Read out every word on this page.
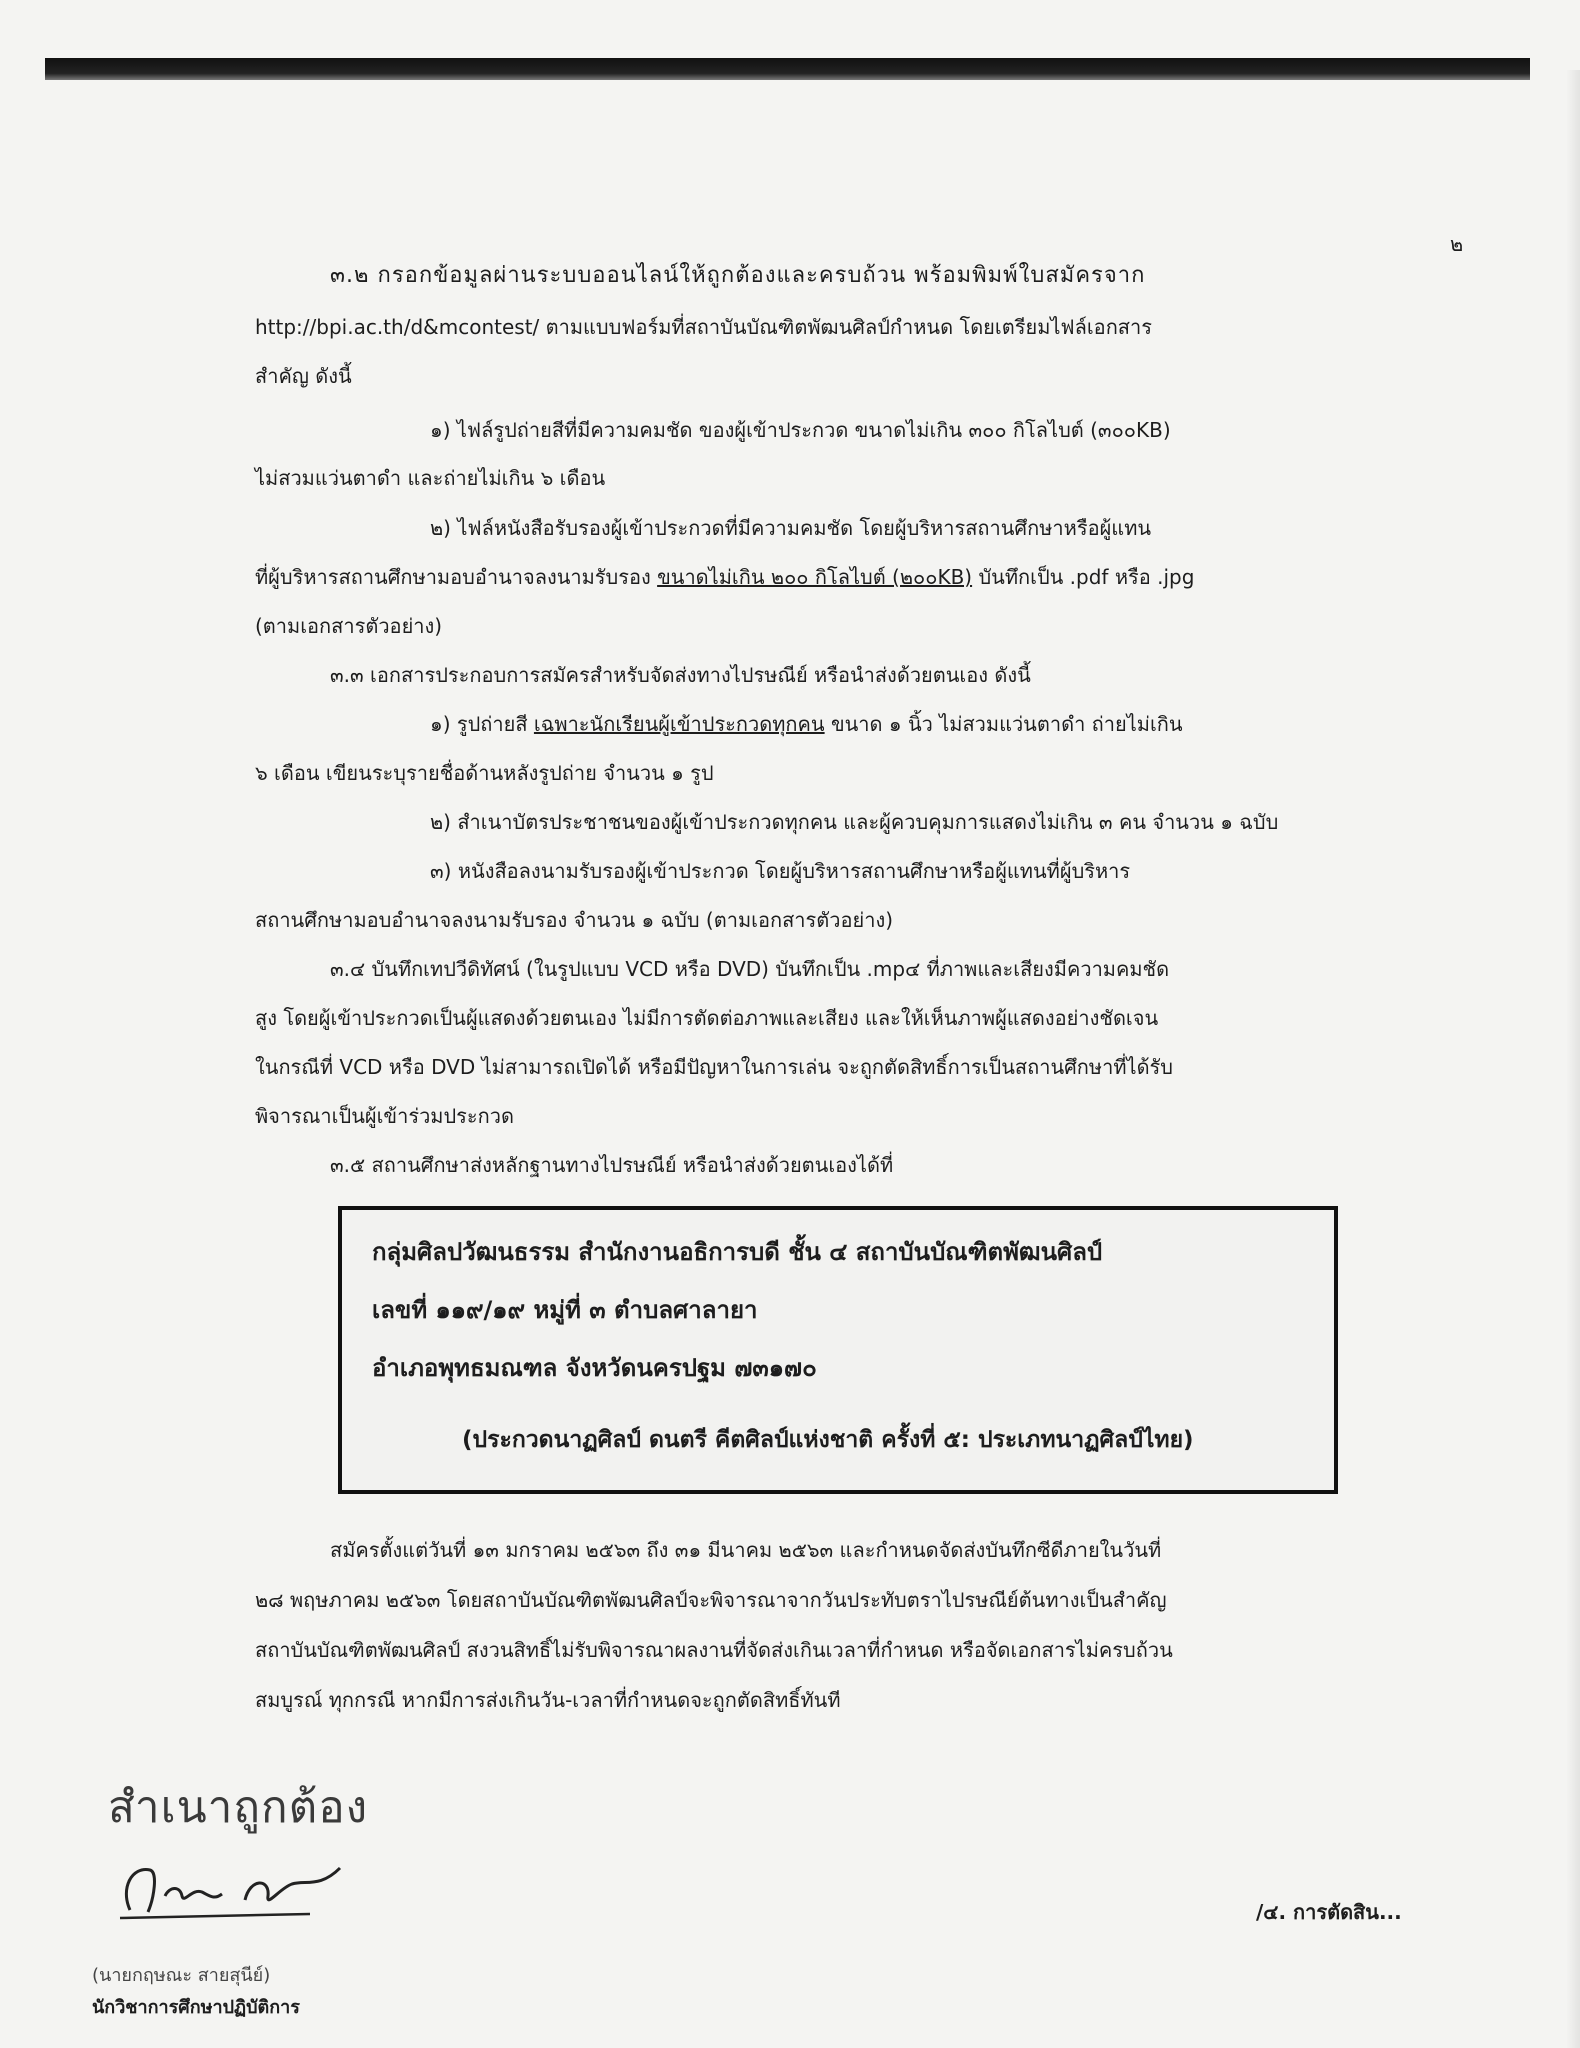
๒
๓.๒ กรอกข้อมูลผ่านระบบออนไลน์ให้ถูกต้องและครบถ้วน พร้อมพิมพ์ใบสมัครจาก
http://bpi.ac.th/d&mcontest/ ตามแบบฟอร์มที่สถาบันบัณฑิตพัฒนศิลป์กำหนด โดยเตรียมไฟล์เอกสาร
สำคัญ ดังนี้
๑) ไฟล์รูปถ่ายสีที่มีความคมชัด ของผู้เข้าประกวด ขนาดไม่เกิน ๓๐๐ กิโลไบต์ (๓๐๐KB)
ไม่สวมแว่นตาดำ และถ่ายไม่เกิน ๖ เดือน
๒) ไฟล์หนังสือรับรองผู้เข้าประกวดที่มีความคมชัด โดยผู้บริหารสถานศึกษาหรือผู้แทน
ที่ผู้บริหารสถานศึกษามอบอำนาจลงนามรับรอง ขนาดไม่เกิน ๒๐๐ กิโลไบต์ (๒๐๐KB) บันทึกเป็น .pdf หรือ .jpg
(ตามเอกสารตัวอย่าง)
๓.๓ เอกสารประกอบการสมัครสำหรับจัดส่งทางไปรษณีย์ หรือนำส่งด้วยตนเอง ดังนี้
๑) รูปถ่ายสี เฉพาะนักเรียนผู้เข้าประกวดทุกคน ขนาด ๑ นิ้ว ไม่สวมแว่นตาดำ ถ่ายไม่เกิน
๖ เดือน เขียนระบุรายชื่อด้านหลังรูปถ่าย จำนวน ๑ รูป
๒) สำเนาบัตรประชาชนของผู้เข้าประกวดทุกคน และผู้ควบคุมการแสดงไม่เกิน ๓ คน จำนวน ๑ ฉบับ
๓) หนังสือลงนามรับรองผู้เข้าประกวด โดยผู้บริหารสถานศึกษาหรือผู้แทนที่ผู้บริหาร
สถานศึกษามอบอำนาจลงนามรับรอง จำนวน ๑ ฉบับ (ตามเอกสารตัวอย่าง)
๓.๔ บันทึกเทปวีดิทัศน์ (ในรูปแบบ VCD หรือ DVD) บันทึกเป็น .mp๔ ที่ภาพและเสียงมีความคมชัด
สูง โดยผู้เข้าประกวดเป็นผู้แสดงด้วยตนเอง ไม่มีการตัดต่อภาพและเสียง และให้เห็นภาพผู้แสดงอย่างชัดเจน
ในกรณีที่ VCD หรือ DVD ไม่สามารถเปิดได้ หรือมีปัญหาในการเล่น จะถูกตัดสิทธิ์การเป็นสถานศึกษาที่ได้รับ
พิจารณาเป็นผู้เข้าร่วมประกวด
๓.๕ สถานศึกษาส่งหลักฐานทางไปรษณีย์ หรือนำส่งด้วยตนเองได้ที่
กลุ่มศิลปวัฒนธรรม สำนักงานอธิการบดี ชั้น ๔ สถาบันบัณฑิตพัฒนศิลป์
เลขที่ ๑๑๙/๑๙ หมู่ที่ ๓ ตำบลศาลายา
อำเภอพุทธมณฑล จังหวัดนครปฐม ๗๓๑๗๐
(ประกวดนาฏศิลป์ ดนตรี คีตศิลป์แห่งชาติ ครั้งที่ ๕: ประเภทนาฏศิลป์ไทย)
สมัครตั้งแต่วันที่ ๑๓ มกราคม ๒๕๖๓ ถึง ๓๑ มีนาคม ๒๕๖๓ และกำหนดจัดส่งบันทึกซีดีภายในวันที่
๒๘ พฤษภาคม ๒๕๖๓ โดยสถาบันบัณฑิตพัฒนศิลป์จะพิจารณาจากวันประทับตราไปรษณีย์ต้นทางเป็นสำคัญ
สถาบันบัณฑิตพัฒนศิลป์ สงวนสิทธิ์ไม่รับพิจารณาผลงานที่จัดส่งเกินเวลาที่กำหนด หรือจัดเอกสารไม่ครบถ้วน
สมบูรณ์ ทุกกรณี หากมีการส่งเกินวัน-เวลาที่กำหนดจะถูกตัดสิทธิ์ทันที
สำเนาถูกต้อง
(นายกฤษณะ สายสุนีย์)
นักวิชาการศึกษาปฏิบัติการ
/๔. การตัดสิน...
